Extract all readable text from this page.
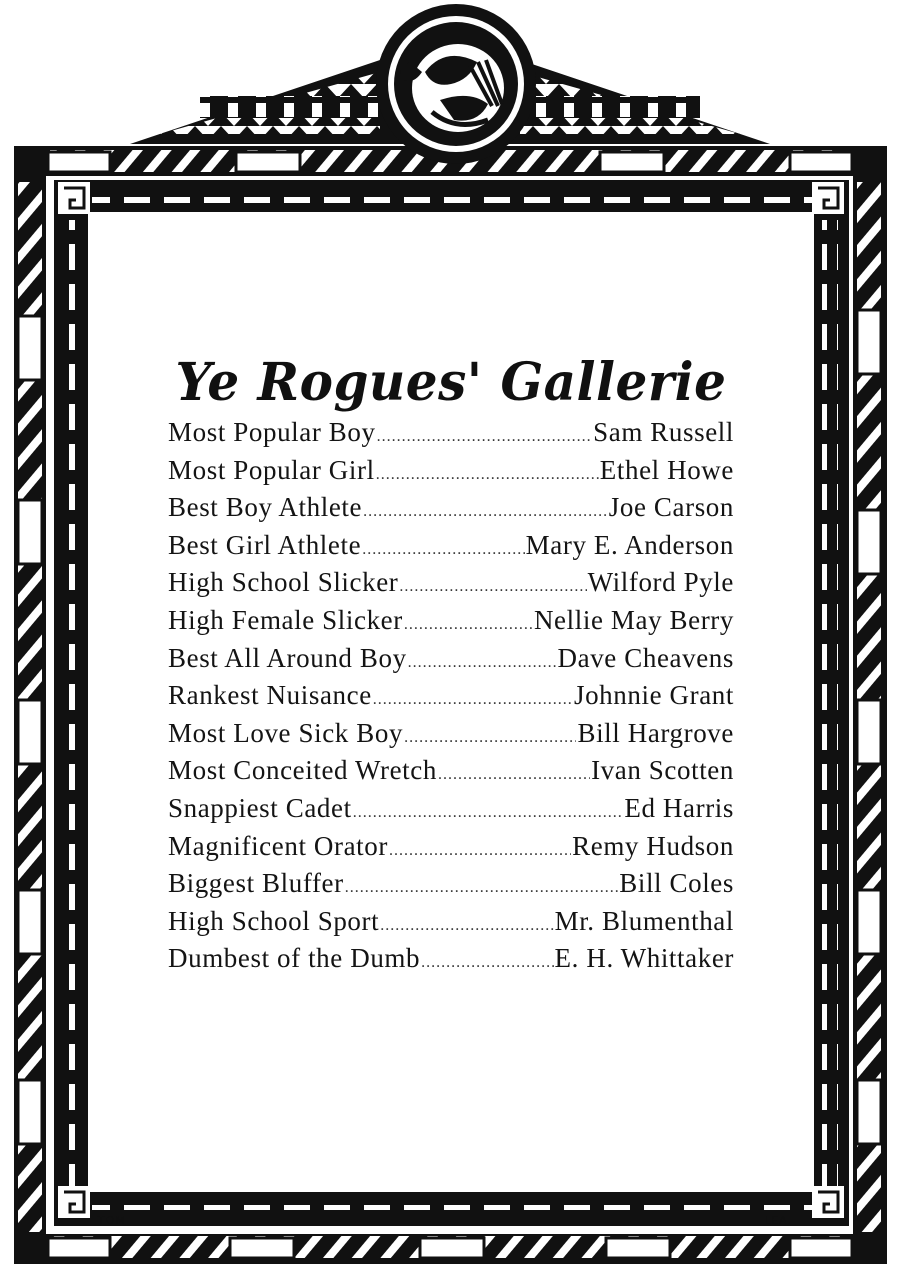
Ye Rogues' Gallerie
Most Popular Boy .....	Sam Russell
Most Popular Girl .....	Ethel Howe
Best Boy Athlete .....	Joe Carson
Best Girl Athlete .....	Mary E. Anderson
High School Slicker .....	Wilford Pyle
High Female Slicker .....	Nellie May Berry
Best All Around Boy .....	Dave Cheavens
Rankest Nuisance .....	Johnnie Grant
Most Love Sick Boy .....	Bill Hargrove
Most Conceited Wretch .....	Ivan Scotten
Snappiest Cadet .....	Ed Harris
Magnificent Orator .....	Remy Hudson
Biggest Bluffer .....	Bill Coles
High School Sport .....	Mr. Blumenthal
Dumbest of the Dumb .....	E. H. Whittaker
TOM	LEA.
